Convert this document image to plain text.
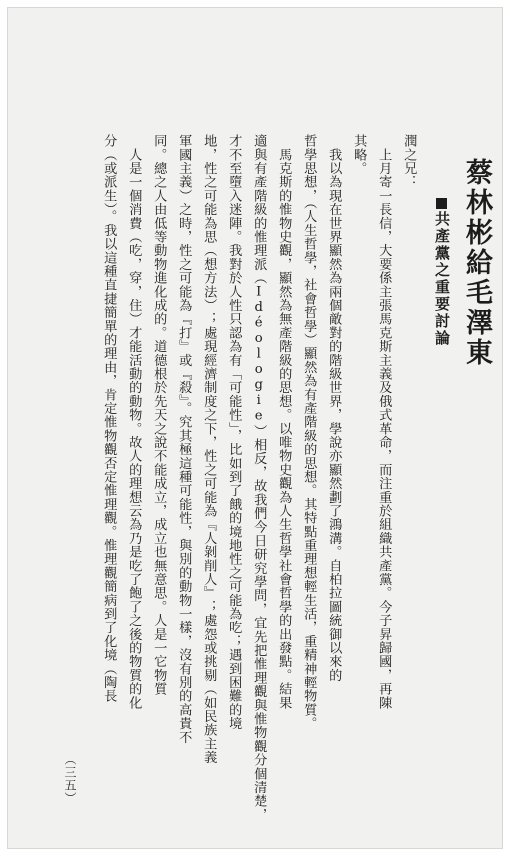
蔡林彬給毛澤東
共產黨之重要討論
潤之兄：
　上月寄一長信，大要係主張馬克斯主義及俄式革命，而注重於組織共產黨。今子昇歸國，再陳
其略。
　我以為現在世界顯然為兩個敵對的階級世界，學說亦顯然劃了鴻溝。自柏拉圖統御以來的
哲學思想，（人生哲學，社會哲學）顯然為有產階級的思想。其特點重理想輕生活，重精神輕物質。
　馬克斯的惟物史觀，顯然為無產階級的思想。以唯物史觀為人生哲學社會哲學的出發點。結果
適與有產階級的惟理派（Idéologie）相反，故我們今日研究學問，宜先把惟理觀與惟物觀分個清楚，
才不至墮入迷陣。我對於人性只認為有「可能性」，比如到了餓的境地性之可能為吃；遇到困難的境
地，性之可能為思（想方法）；處現經濟制度之下，性之可能為『人剝削人』；處怨或挑剔（如民族主義
軍國主義）之時，性之可能為『打』或『殺』。究其極這種可能性，與別的動物一樣，沒有別的高貴不
同。總之人由低等動物進化成的。道德根於先天之說不能成立，成立也無意思。人是一它物質
　人是一個消費（吃，穿，住）才能活動的動物。故人的理想云為乃是吃了飽了之後的物質的化
分（或派生）。我以這種直捷簡單的理由，肯定惟物觀否定惟理觀。惟理觀簡病到了化境（陶長
（三五）
